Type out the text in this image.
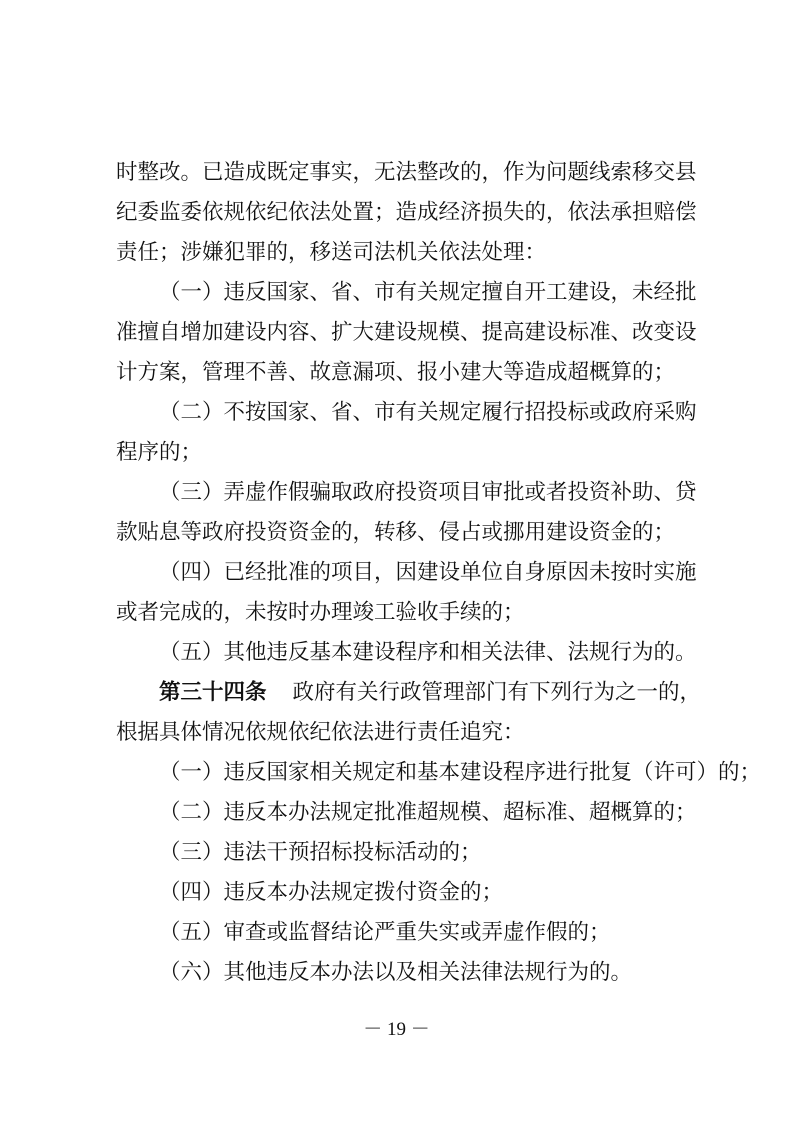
时整改。已造成既定事实，无法整改的，作为问题线索移交县
纪委监委依规依纪依法处置；造成经济损失的，依法承担赔偿
责任；涉嫌犯罪的，移送司法机关依法处理：
（一）违反国家、省、市有关规定擅自开工建设，未经批
准擅自增加建设内容、扩大建设规模、提高建设标准、改变设
计方案，管理不善、故意漏项、报小建大等造成超概算的；
（二）不按国家、省、市有关规定履行招投标或政府采购
程序的；
（三）弄虚作假骗取政府投资项目审批或者投资补助、贷
款贴息等政府投资资金的，转移、侵占或挪用建设资金的；
（四）已经批准的项目，因建设单位自身原因未按时实施
或者完成的，未按时办理竣工验收手续的；
（五）其他违反基本建设程序和相关法律、法规行为的。
第三十四条 政府有关行政管理部门有下列行为之一的，
根据具体情况依规依纪依法进行责任追究：
（一）违反国家相关规定和基本建设程序进行批复（许可）的；
（二）违反本办法规定批准超规模、超标准、超概算的；
（三）违法干预招标投标活动的；
（四）违反本办法规定拨付资金的；
（五）审查或监督结论严重失实或弄虚作假的；
（六）其他违反本办法以及相关法律法规行为的。
－ 19 －
